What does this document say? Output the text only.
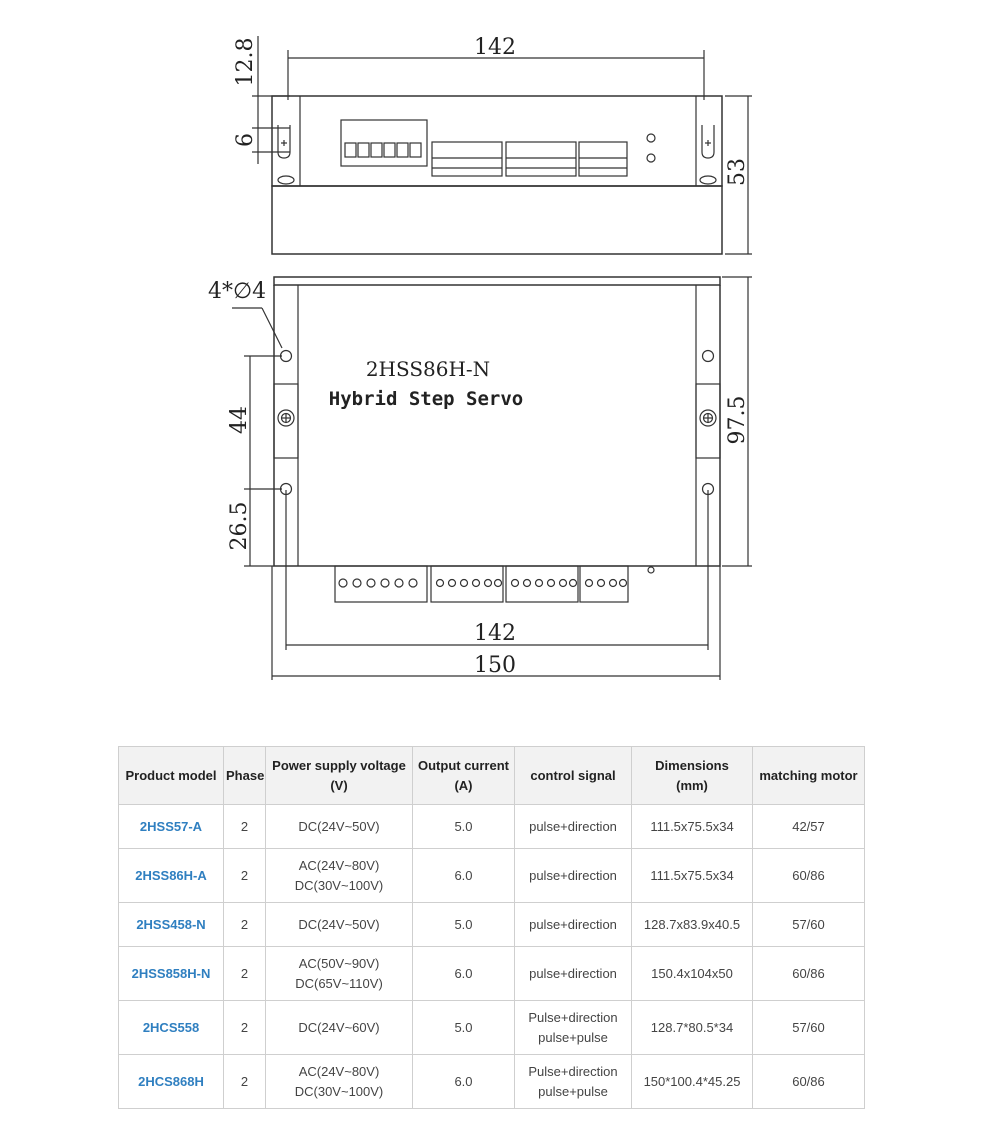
142
12.8
6
53
4*∅4
44
26.5
97.5
142
150
2HSS86H-N
Hybrid Step Servo
Product model	Phase	Power supply voltage
(V)	Output current
(A)	control signal	Dimensions
(mm)	matching motor
2HSS57-A	2	DC(24V~50V)	5.0	pulse+direction	111.5x75.5x34	42/57
2HSS86H-A	2	AC(24V~80V)
DC(30V~100V)	6.0	pulse+direction	111.5x75.5x34	60/86
2HSS458-N	2	DC(24V~50V)	5.0	pulse+direction	128.7x83.9x40.5	57/60
2HSS858H-N	2	AC(50V~90V)
DC(65V~110V)	6.0	pulse+direction	150.4x104x50	60/86
2HCS558	2	DC(24V~60V)	5.0	Pulse+direction
pulse+pulse	128.7*80.5*34	57/60
2HCS868H	2	AC(24V~80V)
DC(30V~100V)	6.0	Pulse+direction
pulse+pulse	150*100.4*45.25	60/86
